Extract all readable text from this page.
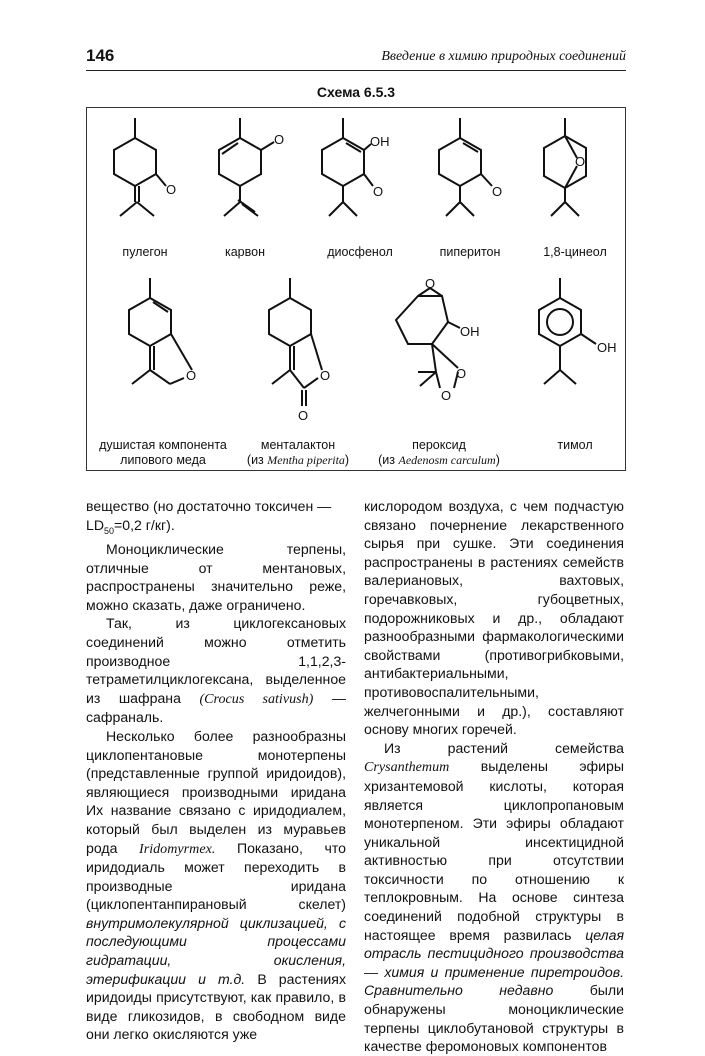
146	Введение в химию природных соединений
Схема 6.5.3
O
O	OH
O	O
O
пулегон	карвон	диосфенол	пиперитон	1,8-цинеол
O	O
O
O
OH
O
O
OH
душистая компонента
липового меда
менталактон
(из Mentha piperita)
пероксид
(из Aedenosm carculum)
тимол

вещество (но достаточно токсичен —
$LD_{50}=0,2$ г/кг).

Моноциклические терпены, отличные от ментановых, распространены значительно реже, можно сказать, даже ограничено.

Так, из циклогексановых соединений можно отметить производное 1,1,2,3-тетраметилциклогексана, выделенное из шафрана (Crocus sativush) — сафраналь.

Несколько более разнообразны циклопентановые монотерпены (представленные группой иридоидов), являющиеся производными иридана Их название связано с иридодиалем, который был выделен из муравьев рода Iridomyrmex. Показано, что иридодиаль может переходить в производные иридана (циклопентанпирановый скелет) внутримолекулярной циклизацией, с последующими процессами гидратации, окисления, этерификации и т.д. В растениях иридоиды присутствуют, как правило, в виде гликозидов, в свободном виде они легко окисляются уже

кислородом воздуха, с чем подчастую связано почернение лекарственного сырья при сушке. Эти соединения распространены в растениях семейств валериановых, вахтовых, горечавковых, губоцветных, подорожниковых и др., обладают разнообразными фармакологическими свойствами (противогрибковыми, антибактериальными, противовоспалительными, желчегонными и др.), составляют основу многих горечей.

Из растений семейства Crysanthemum выделены эфиры хризантемовой кислоты, которая является циклопропановым монотерпеном. Эти эфиры обладают уникальной инсектицидной активностью при отсутствии токсичности по отношению к теплокровным. На основе синтеза соединений подобной структуры в настоящее время развилась целая отрасль пестицидного производства — химия и применение пиретроидов. Сравнительно недавно были обнаружены моноциклические терпены циклобутановой структуры в качестве феромоновых компонентов
